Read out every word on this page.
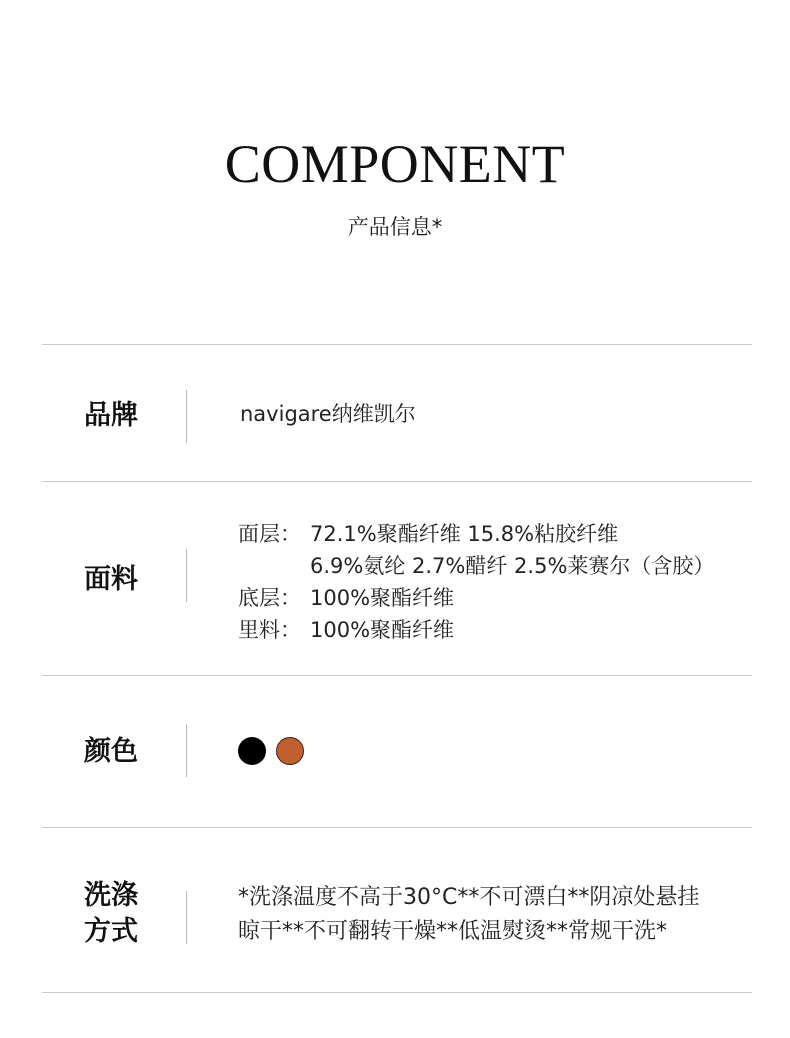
COMPONENT
产品信息*
品牌	navigare纳维凯尔
面料
面层： 72.1%聚酯纤维 15.8%粘胶纤维
6.9%氨纶 2.7%醋纤 2.5%莱赛尔（含胶）
底层： 100%聚酯纤维
里料： 100%聚酯纤维
颜色
洗涤
方式
*洗涤温度不高于30°C**不可漂白**阴凉处悬挂
晾干**不可翻转干燥**低温熨烫**常规干洗*
